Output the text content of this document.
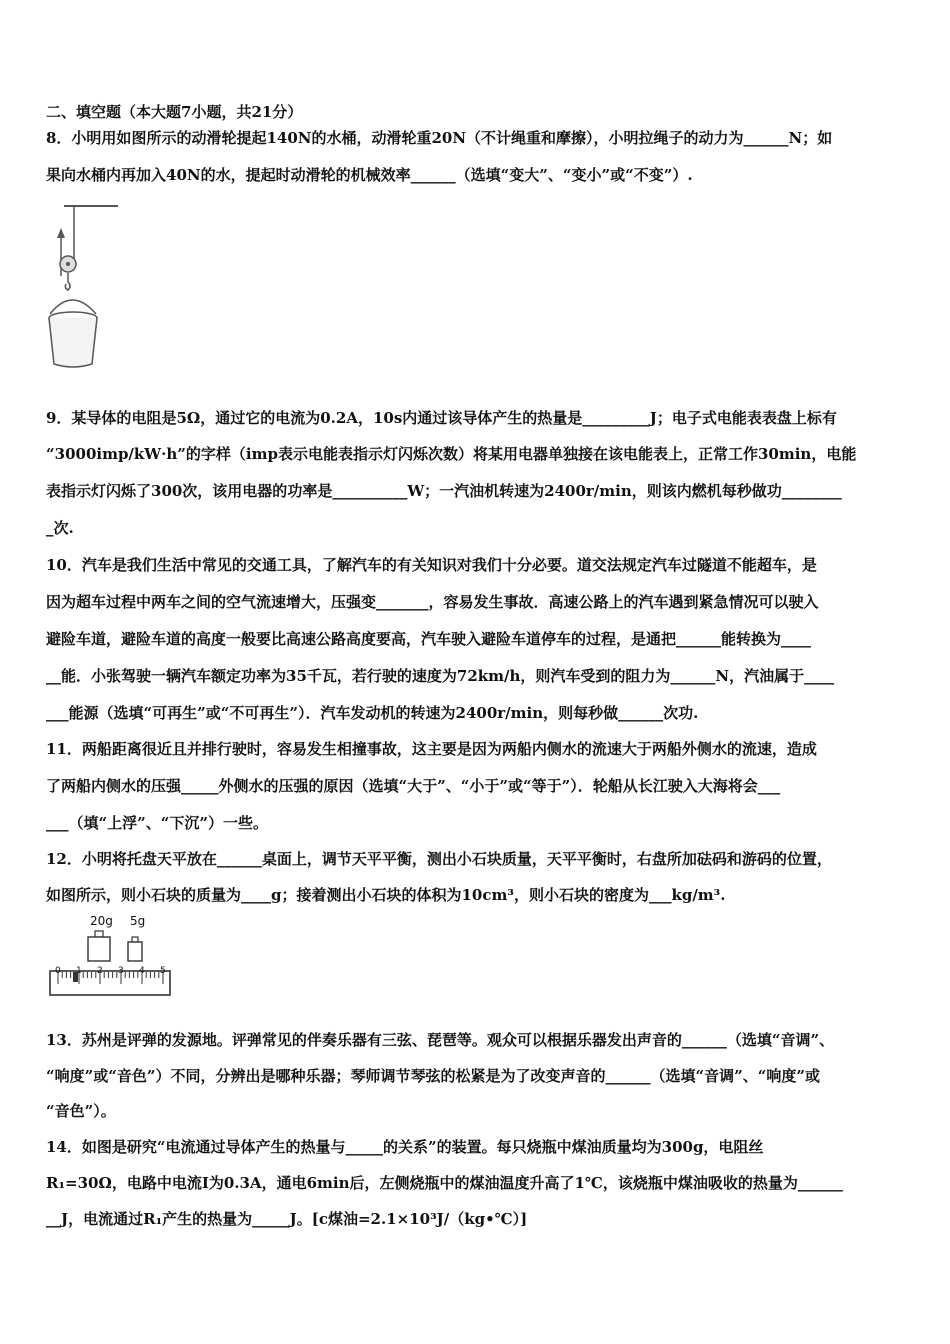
二、填空题（本大题7小题，共21分）
8．小明用如图所示的动滑轮提起140N的水桶，动滑轮重20N（不计绳重和摩擦），小明拉绳子的动力为______N；如
果向水桶内再加入40N的水，提起时动滑轮的机械效率______（选填“变大”、“变小”或“不变”）.
9．某导体的电阻是5Ω，通过它的电流为0.2A，10s内通过该导体产生的热量是_________J；电子式电能表表盘上标有
“3000imp/kW·h”的字样（imp表示电能表指示灯闪烁次数）将某用电器单独接在该电能表上，正常工作30min，电能
表指示灯闪烁了300次，该用电器的功率是__________W；一汽油机转速为2400r/min，则该内燃机每秒做功________
_次.
10．汽车是我们生活中常见的交通工具，了解汽车的有关知识对我们十分必要。道交法规定汽车过隧道不能超车，是
因为超车过程中两车之间的空气流速增大，压强变_______，容易发生事故．高速公路上的汽车遇到紧急情况可以驶入
避险车道，避险车道的高度一般要比高速公路高度要高，汽车驶入避险车道停车的过程，是通把______能转换为____
__能．小张驾驶一辆汽车额定功率为35千瓦，若行驶的速度为72km/h，则汽车受到的阻力为______N，汽油属于____
___能源（选填“可再生”或“不可再生”）．汽车发动机的转速为2400r/min，则每秒做______次功.
11．两船距离很近且并排行驶时，容易发生相撞事故，这主要是因为两船内侧水的流速大于两船外侧水的流速，造成
了两船内侧水的压强_____外侧水的压强的原因（选填“大于”、“小于”或“等于”）．轮船从长江驶入大海将会___
___（填“上浮”、“下沉”）一些。
12．小明将托盘天平放在______桌面上，调节天平平衡，测出小石块质量，天平平衡时，右盘所加砝码和游码的位置，
如图所示，则小石块的质量为____g；接着测出小石块的体积为10cm³，则小石块的密度为___kg/m³.
20g 5g
0 1 2 3 4 5
13．苏州是评弹的发源地。评弹常见的伴奏乐器有三弦、琵琶等。观众可以根据乐器发出声音的______（选填“音调”、
“响度”或“音色”）不同，分辨出是哪种乐器；琴师调节琴弦的松紧是为了改变声音的______（选填“音调”、“响度”或
“音色”）。
14．如图是研究“电流通过导体产生的热量与_____的关系”的装置。每只烧瓶中煤油质量均为300g，电阻丝
R₁=30Ω，电路中电流I为0.3A，通电6min后，左侧烧瓶中的煤油温度升高了1℃，该烧瓶中煤油吸收的热量为______
__J，电流通过R₁产生的热量为_____J。[c煤油=2.1×10³J/（kg•℃）]
